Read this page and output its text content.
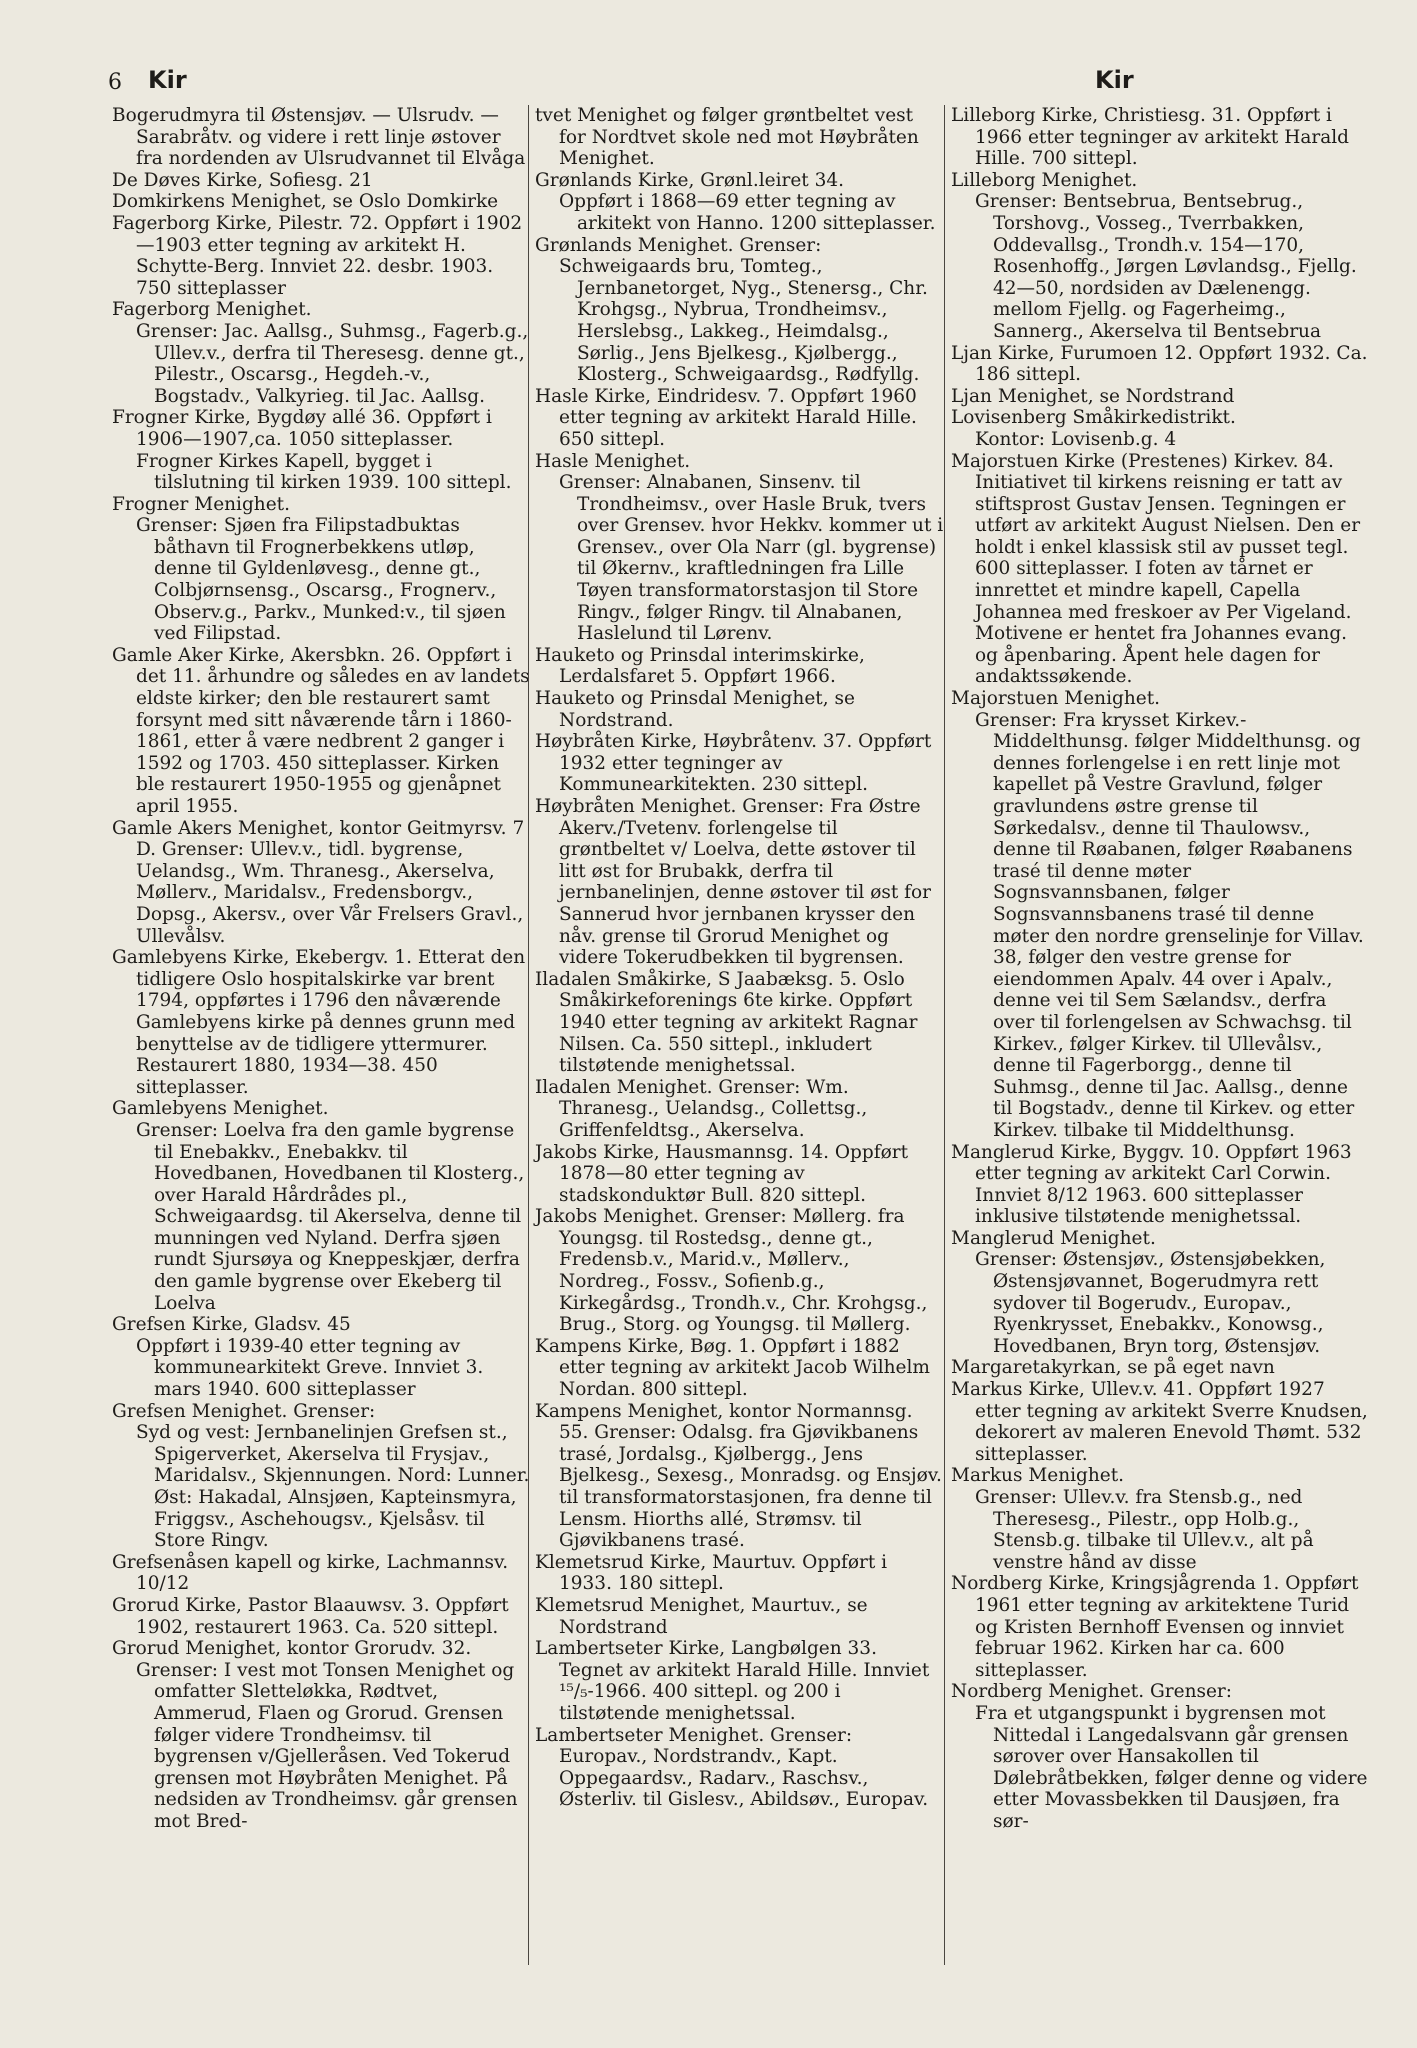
6 Kir	Kir

Bogerudmyra til Østensjøv. — Ulsrudv. — Sarabråtv. og videre i rett linje østover fra nordenden av Ulsrudvannet til Elvåga

De Døves Kirke, Sofiesg. 21

Domkirkens Menighet, se Oslo Domkirke

Fagerborg Kirke, Pilestr. 72. Oppført i 1902—1903 etter tegning av arkitekt H. Schytte-Berg. Innviet 22. desbr. 1903. 750 sitteplasser

Fagerborg Menighet.

Grenser: Jac. Aallsg., Suhmsg., Fagerb.g., Ullev.v., derfra til Theresesg. denne gt., Pilestr., Oscarsg., Hegdeh.-v., Bogstadv., Valkyrieg. til Jac. Aallsg.

Frogner Kirke, Bygdøy allé 36. Oppført i 1906—1907,ca. 1050 sitteplasser.

Frogner Kirkes Kapell, bygget i tilslutning til kirken 1939. 100 sittepl.

Frogner Menighet.

Grenser: Sjøen fra Filipstadbuktas båthavn til Frognerbekkens utløp, denne til Gyldenløvesg., denne gt., Colbjørnsensg., Oscarsg., Frognerv., Observ.g., Parkv., Munked:v., til sjøen ved Filipstad.

Gamle Aker Kirke, Akersbkn. 26. Oppført i det 11. århundre og således en av landets eldste kirker; den ble restaurert samt forsynt med sitt nåværende tårn i 1860-1861, etter å være nedbrent 2 ganger i 1592 og 1703. 450 sitteplasser. Kirken ble restaurert 1950-1955 og gjenåpnet april 1955.

Gamle Akers Menighet, kontor Geitmyrsv. 7 D. Grenser: Ullev.v., tidl. bygrense, Uelandsg., Wm. Thranesg., Akerselva, Møllerv., Maridalsv., Fredensborgv., Dopsg., Akersv., over Vår Frelsers Gravl., Ullevålsv.

Gamlebyens Kirke, Ekebergv. 1. Etterat den tidligere Oslo hospitalskirke var brent 1794, oppførtes i 1796 den nåværende Gamlebyens kirke på dennes grunn med benyttelse av de tidligere yttermurer. Restaurert 1880, 1934—38. 450 sitteplasser.

Gamlebyens Menighet.

Grenser: Loelva fra den gamle bygrense til Enebakkv., Enebakkv. til Hovedbanen, Hovedbanen til Klosterg., over Harald Hårdrådes pl., Schweigaardsg. til Akerselva, denne til munningen ved Nyland. Derfra sjøen rundt Sjursøya og Kneppeskjær, derfra den gamle bygrense over Ekeberg til Loelva

Grefsen Kirke, Gladsv. 45

Oppført i 1939-40 etter tegning av kommunearkitekt Greve. Innviet 3. mars 1940. 600 sitteplasser

Grefsen Menighet. Grenser:

Syd og vest: Jernbanelinjen Grefsen st., Spigerverket, Akerselva til Frysjav., Maridalsv., Skjennungen. Nord: Lunner. Øst: Hakadal, Alnsjøen, Kapteinsmyra, Friggsv., Aschehougsv., Kjelsåsv. til Store Ringv.

Grefsenåsen kapell og kirke, Lachmannsv. 10/12

Grorud Kirke, Pastor Blaauwsv. 3. Oppført 1902, restaurert 1963. Ca. 520 sittepl.

Grorud Menighet, kontor Grorudv. 32.

Grenser: I vest mot Tonsen Menighet og omfatter Sletteløkka, Rødtvet, Ammerud, Flaen og Grorud. Grensen følger videre Trondheimsv. til bygrensen v/Gjelleråsen. Ved Tokerud grensen mot Høybråten Menighet. På nedsiden av Trondheimsv. går grensen mot Bred-

tvet Menighet og følger grøntbeltet vest for Nordtvet skole ned mot Høybråten Menighet.

Grønlands Kirke, Grønl.leiret 34.

Oppført i 1868—69 etter tegning av arkitekt von Hanno. 1200 sitteplasser.

Grønlands Menighet. Grenser:

Schweigaards bru, Tomteg., Jernbanetorget, Nyg., Stenersg., Chr. Krohgsg., Nybrua, Trondheimsv., Herslebsg., Lakkeg., Heimdalsg., Sørlig., Jens Bjelkesg., Kjølbergg., Klosterg., Schweigaardsg., Rødfyllg.

Hasle Kirke, Eindridesv. 7. Oppført 1960 etter tegning av arkitekt Harald Hille. 650 sittepl.

Hasle Menighet.

Grenser: Alnabanen, Sinsenv. til Trondheimsv., over Hasle Bruk, tvers over Grensev. hvor Hekkv. kommer ut i Grensev., over Ola Narr (gl. bygrense) til Økernv., kraftledningen fra Lille Tøyen transformatorstasjon til Store Ringv., følger Ringv. til Alnabanen, Haslelund til Lørenv.

Hauketo og Prinsdal interimskirke, Lerdalsfaret 5. Oppført 1966.

Hauketo og Prinsdal Menighet, se Nordstrand.

Høybråten Kirke, Høybråtenv. 37. Oppført 1932 etter tegninger av Kommunearkitekten. 230 sittepl.

Høybråten Menighet. Grenser: Fra Østre Akerv./Tvetenv. forlengelse til grøntbeltet v/ Loelva, dette østover til litt øst for Brubakk, derfra til jernbanelinjen, denne østover til øst for Sannerud hvor jernbanen krysser den nåv. grense til Grorud Menighet og videre Tokerudbekken til bygrensen.

Iladalen Småkirke, S Jaabæksg. 5. Oslo Småkirkeforenings 6te kirke. Oppført 1940 etter tegning av arkitekt Ragnar Nilsen. Ca. 550 sittepl., inkludert tilstøtende menighetssal.

Iladalen Menighet. Grenser: Wm. Thranesg., Uelandsg., Collettsg., Griffenfeldtsg., Akerselva.

Jakobs Kirke, Hausmannsg. 14. Oppført 1878—80 etter tegning av stadskonduktør Bull. 820 sittepl.

Jakobs Menighet. Grenser: Møllerg. fra Youngsg. til Rostedsg., denne gt., Fredensb.v., Marid.v., Møllerv., Nordreg., Fossv., Sofienb.g., Kirkegårdsg., Trondh.v., Chr. Krohgsg., Brug., Storg. og Youngsg. til Møllerg.

Kampens Kirke, Bøg. 1. Oppført i 1882 etter tegning av arkitekt Jacob Wilhelm Nordan. 800 sittepl.

Kampens Menighet, kontor Normannsg. 55. Grenser: Odalsg. fra Gjøvikbanens trasé, Jordalsg., Kjølbergg., Jens Bjelkesg., Sexesg., Monradsg. og Ensjøv. til transformatorstasjonen, fra denne til Lensm. Hiorths allé, Strømsv. til Gjøvikbanens trasé.

Klemetsrud Kirke, Maurtuv. Oppført i 1933. 180 sittepl.

Klemetsrud Menighet, Maurtuv., se Nordstrand

Lambertseter Kirke, Langbølgen 33. Tegnet av arkitekt Harald Hille. Innviet ¹⁵/₅-1966. 400 sittepl. og 200 i tilstøtende menighetssal.

Lambertseter Menighet. Grenser: Europav., Nordstrandv., Kapt. Oppegaardsv., Radarv., Raschsv., Østerliv. til Gislesv., Abildsøv., Europav.

Lilleborg Kirke, Christiesg. 31. Oppført i 1966 etter tegninger av arkitekt Harald Hille. 700 sittepl.

Lilleborg Menighet.

Grenser: Bentsebrua, Bentsebrug., Torshovg., Vosseg., Tverrbakken, Oddevallsg., Trondh.v. 154—170, Rosenhoffg., Jørgen Løvlandsg., Fjellg. 42—50, nordsiden av Dælenengg. mellom Fjellg. og Fagerheimg., Sannerg., Akerselva til Bentsebrua

Ljan Kirke, Furumoen 12. Oppført 1932. Ca. 186 sittepl.

Ljan Menighet, se Nordstrand

Lovisenberg Småkirkedistrikt.

Kontor: Lovisenb.g. 4

Majorstuen Kirke (Prestenes) Kirkev. 84. Initiativet til kirkens reisning er tatt av stiftsprost Gustav Jensen. Tegningen er utført av arkitekt August Nielsen. Den er holdt i enkel klassisk stil av pusset tegl. 600 sitteplasser. I foten av tårnet er innrettet et mindre kapell, Capella Johannea med freskoer av Per Vigeland. Motivene er hentet fra Johannes evang. og åpenbaring. Åpent hele dagen for andaktssøkende.

Majorstuen Menighet.

Grenser: Fra krysset Kirkev.-Middelthunsg. følger Middelthunsg. og dennes forlengelse i en rett linje mot kapellet på Vestre Gravlund, følger gravlundens østre grense til Sørkedalsv., denne til Thaulowsv., denne til Røabanen, følger Røabanens trasé til denne møter Sognsvannsbanen, følger Sognsvannsbanens trasé til denne møter den nordre grenselinje for Villav. 38, følger den vestre grense for eiendommen Apalv. 44 over i Apalv., denne vei til Sem Sælandsv., derfra over til forlengelsen av Schwachsg. til Kirkev., følger Kirkev. til Ullevålsv., denne til Fagerborgg., denne til Suhmsg., denne til Jac. Aallsg., denne til Bogstadv., denne til Kirkev. og etter Kirkev. tilbake til Middelthunsg.

Manglerud Kirke, Byggv. 10. Oppført 1963 etter tegning av arkitekt Carl Corwin. Innviet 8/12 1963. 600 sitteplasser inklusive tilstøtende menighetssal.

Manglerud Menighet.

Grenser: Østensjøv., Østensjøbekken, Østensjøvannet, Bogerudmyra rett sydover til Bogerudv., Europav., Ryenkrysset, Enebakkv., Konowsg., Hovedbanen, Bryn torg, Østensjøv.

Margaretakyrkan, se på eget navn

Markus Kirke, Ullev.v. 41. Oppført 1927 etter tegning av arkitekt Sverre Knudsen, dekorert av maleren Enevold Thømt. 532 sitteplasser.

Markus Menighet.

Grenser: Ullev.v. fra Stensb.g., ned Theresesg., Pilestr., opp Holb.g., Stensb.g. tilbake til Ullev.v., alt på venstre hånd av disse

Nordberg Kirke, Kringsjågrenda 1. Oppført 1961 etter tegning av arkitektene Turid og Kristen Bernhoff Evensen og innviet februar 1962. Kirken har ca. 600 sitteplasser.

Nordberg Menighet. Grenser:

Fra et utgangspunkt i bygrensen mot Nittedal i Langedalsvann går grensen sørover over Hansakollen til Dølebråtbekken, følger denne og videre etter Movassbekken til Dausjøen, fra sør-
